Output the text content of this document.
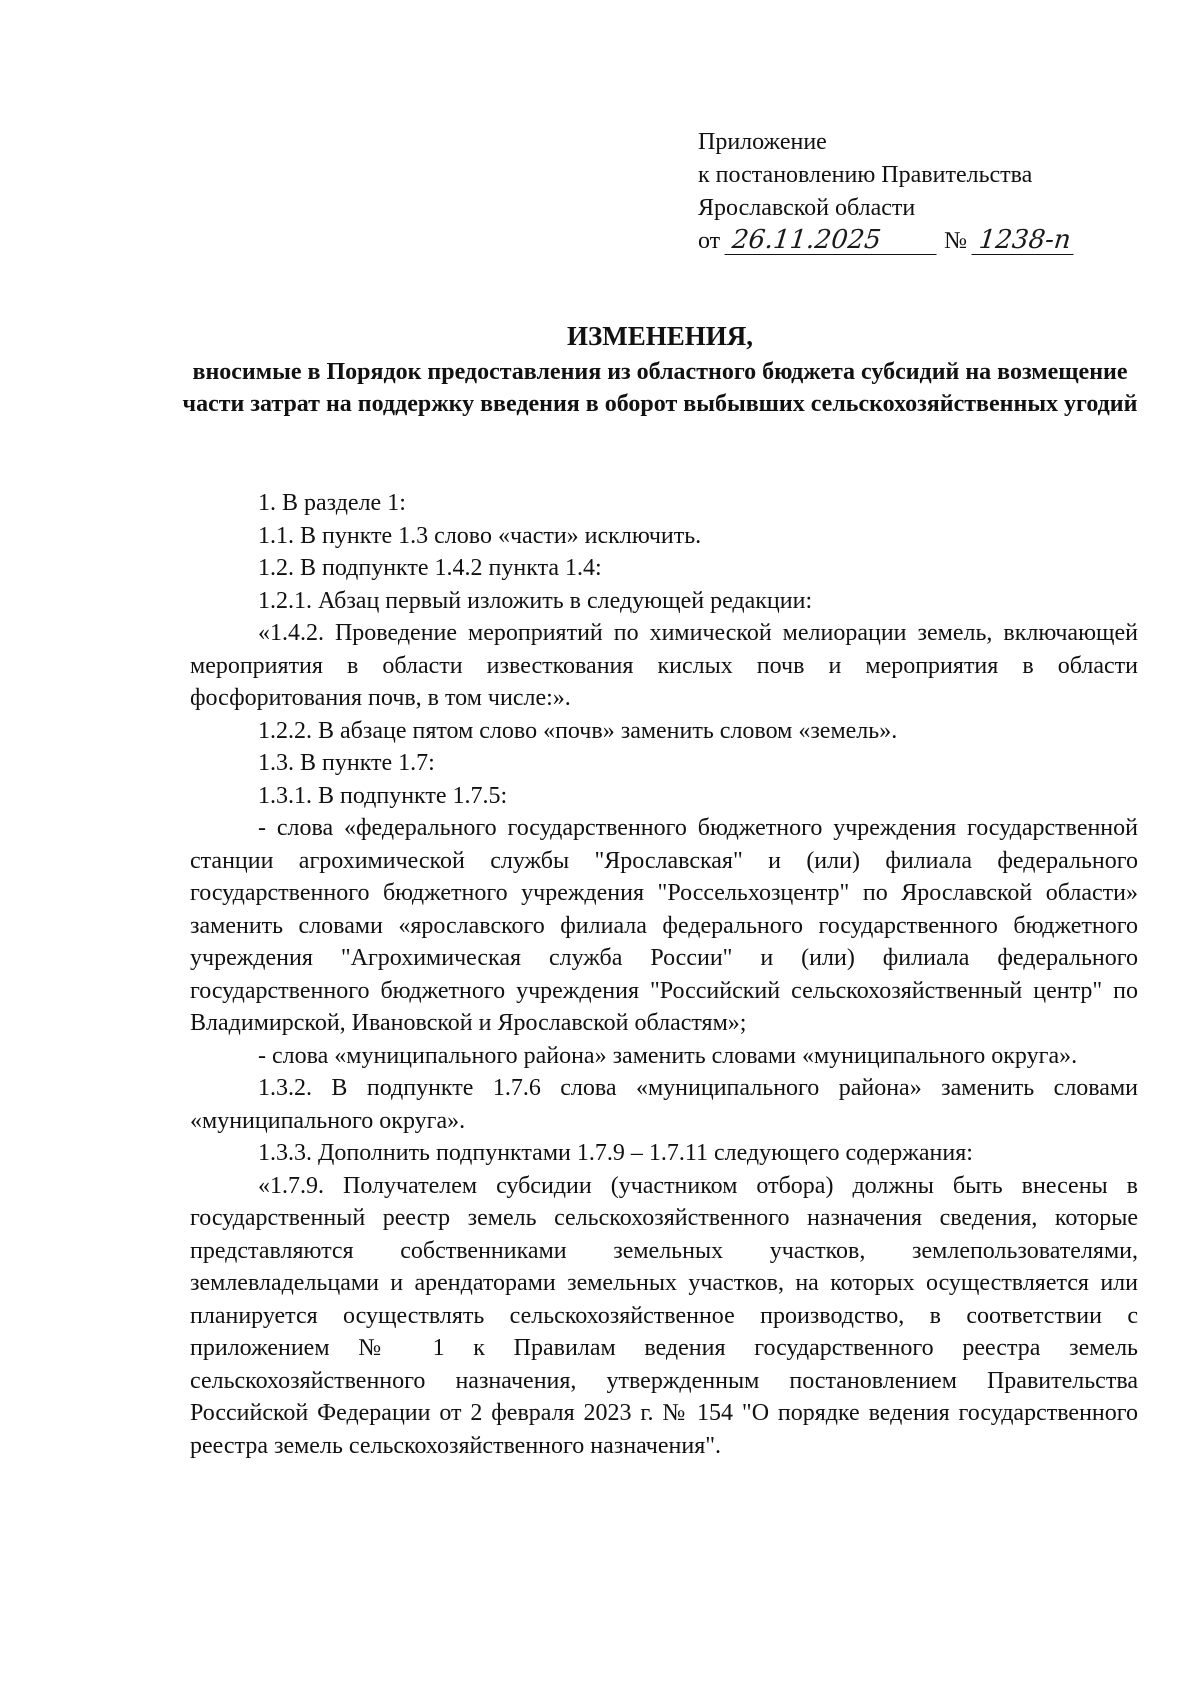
Приложение
к постановлению Правительства
Ярославской области
от 26.11.2025	№ 1238-п
ИЗМЕНЕНИЯ,
вносимые в Порядок предоставления из областного бюджета субсидий на возмещение части затрат на поддержку введения в оборот выбывших сельскохозяйственных угодий

1. В разделе 1:

1.1. В пункте 1.3 слово «части» исключить.

1.2. В подпункте 1.4.2 пункта 1.4:

1.2.1. Абзац первый изложить в следующей редакции:

«1.4.2. Проведение мероприятий по химической мелиорации земель, включающей мероприятия в области известкования кислых почв и мероприятия в области фосфоритования почв, в том числе:».

1.2.2. В абзаце пятом слово «почв» заменить словом «земель».

1.3. В пункте 1.7:

1.3.1. В подпункте 1.7.5:

- слова «федерального государственного бюджетного учреждения государственной станции агрохимической службы "Ярославская" и (или) филиала федерального государственного бюджетного учреждения "Россельхозцентр" по Ярославской области» заменить словами «ярославского филиала федерального государственного бюджетного учреждения "Агрохимическая служба России" и (или) филиала федерального государственного бюджетного учреждения "Российский сельскохозяйственный центр" по Владимирской, Ивановской и Ярославской областям»;

- слова «муниципального района» заменить словами «муниципального округа».

1.3.2. В подпункте 1.7.6 слова «муниципального района» заменить словами «муниципального округа».

1.3.3. Дополнить подпунктами 1.7.9 – 1.7.11 следующего содержания:

«1.7.9. Получателем субсидии (участником отбора) должны быть внесены в государственный реестр земель сельскохозяйственного назначения сведения, которые представляются собственниками земельных участков, землепользователями, землевладельцами и арендаторами земельных участков, на которых осуществляется или планируется осуществлять сельскохозяйственное производство, в соответствии с приложением № 1 к Правилам ведения государственного реестра земель сельскохозяйственного назначения, утвержденным постановлением Правительства Российской Федерации от 2 февраля 2023 г. № 154 "О порядке ведения государственного реестра земель сельскохозяйственного назначения".
